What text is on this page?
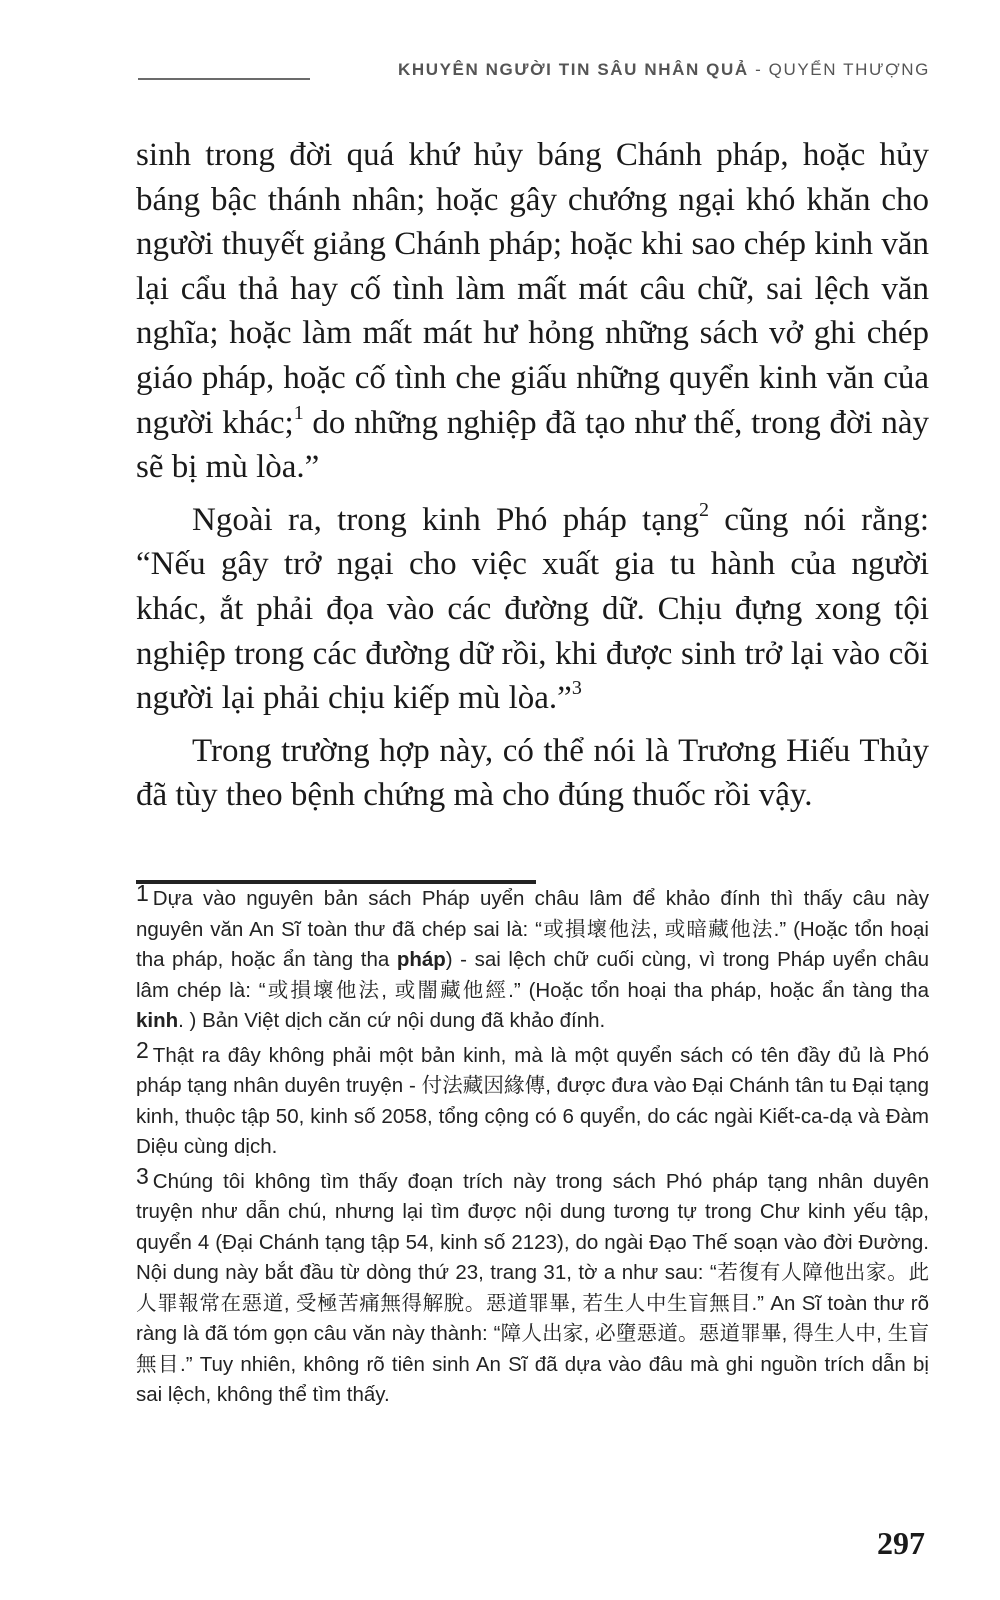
KHUYÊN NGƯỜI TIN SÂU NHÂN QUẢ - QUYỂN THƯỢNG

sinh trong đời quá khứ hủy báng Chánh pháp, hoặc hủy báng bậc thánh nhân; hoặc gây chướng ngại khó khăn cho người thuyết giảng Chánh pháp; hoặc khi sao chép kinh văn lại cẩu thả hay cố tình làm mất mát câu chữ, sai lệch văn nghĩa; hoặc làm mất mát hư hỏng những sách vở ghi chép giáo pháp, hoặc cố tình che giấu những quyển kinh văn của người khác;$^1$ do những nghiệp đã tạo như thế, trong đời này sẽ bị mù lòa.”

Ngoài ra, trong kinh Phó pháp tạng$^2$ cũng nói rằng: “Nếu gây trở ngại cho việc xuất gia tu hành của người khác, ắt phải đọa vào các đường dữ. Chịu đựng xong tội nghiệp trong các đường dữ rồi, khi được sinh trở lại vào cõi người lại phải chịu kiếp mù lòa.”$^3$

Trong trường hợp này, có thể nói là Trương Hiếu Thủy đã tùy theo bệnh chứng mà cho đúng thuốc rồi vậy.

1 Dựa vào nguyên bản sách Pháp uyển châu lâm để khảo đính thì thấy câu này nguyên văn An Sĩ toàn thư đã chép sai là: “或損壞他法, 或暗藏他法.” (Hoặc tổn hoại tha pháp, hoặc ẩn tàng tha pháp) - sai lệch chữ cuối cùng, vì trong Pháp uyển châu lâm chép là: “或損壞他法, 或闇藏他經.” (Hoặc tổn hoại tha pháp, hoặc ẩn tàng tha kinh. ) Bản Việt dịch căn cứ nội dung đã khảo đính.

2 Thật ra đây không phải một bản kinh, mà là một quyển sách có tên đầy đủ là Phó pháp tạng nhân duyên truyện - 付法藏因緣傳, được đưa vào Đại Chánh tân tu Đại tạng kinh, thuộc tập 50, kinh số 2058, tổng cộng có 6 quyển, do các ngài Kiết-ca-dạ và Đàm Diệu cùng dịch.

3 Chúng tôi không tìm thấy đoạn trích này trong sách Phó pháp tạng nhân duyên truyện như dẫn chú, nhưng lại tìm được nội dung tương tự trong Chư kinh yếu tập, quyển 4 (Đại Chánh tạng tập 54, kinh số 2123), do ngài Đạo Thế soạn vào đời Đường. Nội dung này bắt đầu từ dòng thứ 23, trang 31, tờ a như sau: “若復有人障他出家。此人罪報常在惡道, 受極苦痛無得解脫。惡道罪畢, 若生人中生盲無目.” An Sĩ toàn thư rõ ràng là đã tóm gọn câu văn này thành: “障人出家, 必墮惡道。惡道罪畢, 得生人中, 生盲無目.” Tuy nhiên, không rõ tiên sinh An Sĩ đã dựa vào đâu mà ghi nguồn trích dẫn bị sai lệch, không thể tìm thấy.

297
